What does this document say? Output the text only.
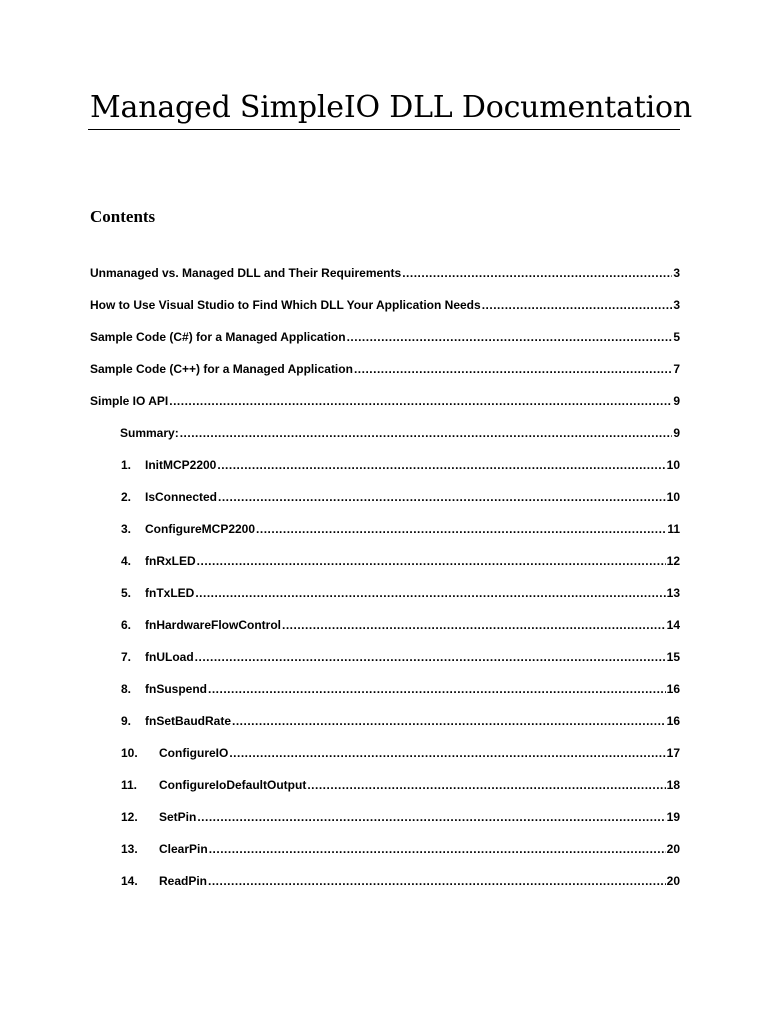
Managed SimpleIO DLL Documentation
Contents
Unmanaged vs. Managed DLL and Their Requirements .....	3
How to Use Visual Studio to Find Which DLL Your Application Needs .....	3
Sample Code (C#) for a Managed Application .....	5
Sample Code (C++) for a Managed Application .....	7
Simple IO API .....	9
Summary: .....	9
1.	InitMCP2200 .....	10
2.	IsConnected .....	10
3.	ConfigureMCP2200 .....	11
4.	fnRxLED .....	12
5.	fnTxLED .....	13
6.	fnHardwareFlowControl .....	14
7.	fnULoad .....	15
8.	fnSuspend .....	16
9.	fnSetBaudRate .....	16
10.	ConfigureIO .....	17
11.	ConfigureIoDefaultOutput .....	18
12.	SetPin .....	19
13.	ClearPin .....	20
14.	ReadPin .....	20
